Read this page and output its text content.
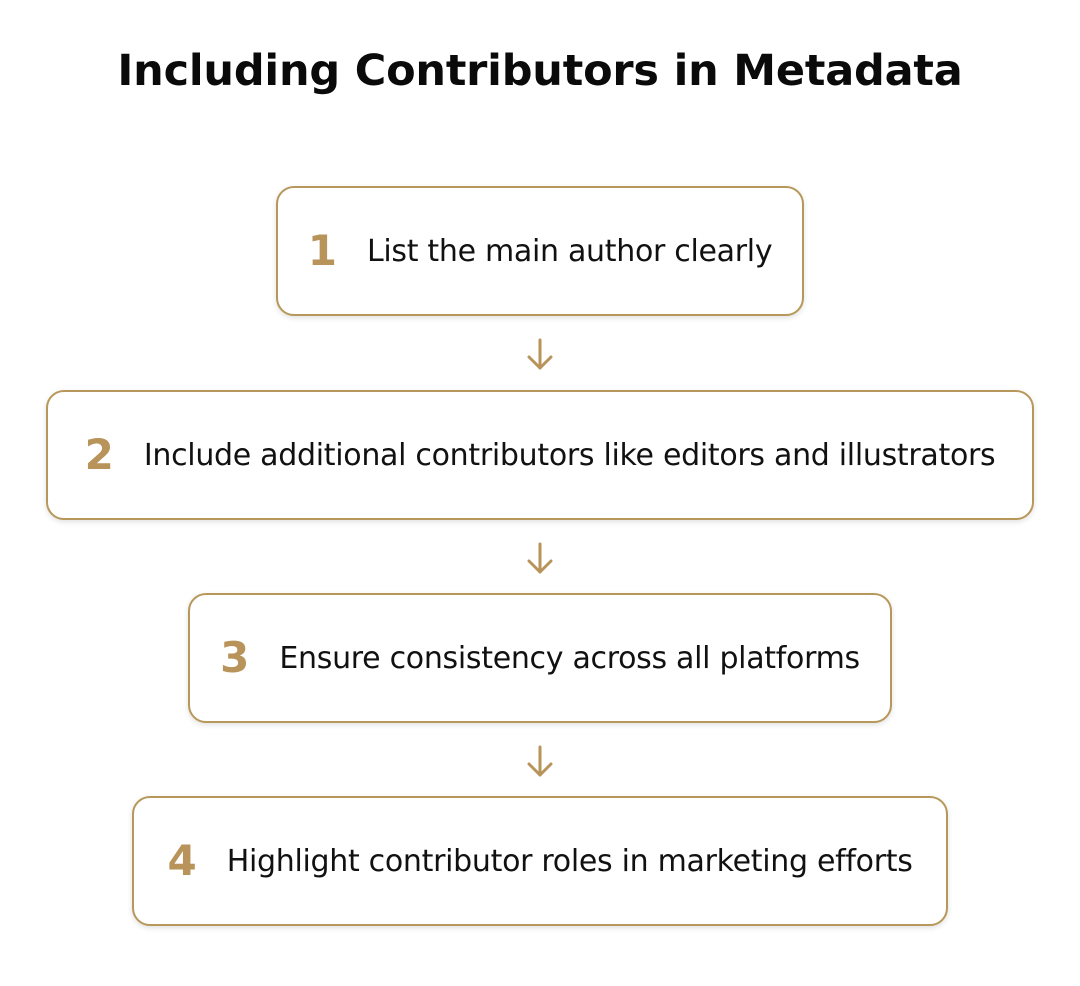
Including Contributors in Metadata
1 List the main author clearly
2 Include additional contributors like editors and illustrators
3 Ensure consistency across all platforms
4 Highlight contributor roles in marketing efforts
